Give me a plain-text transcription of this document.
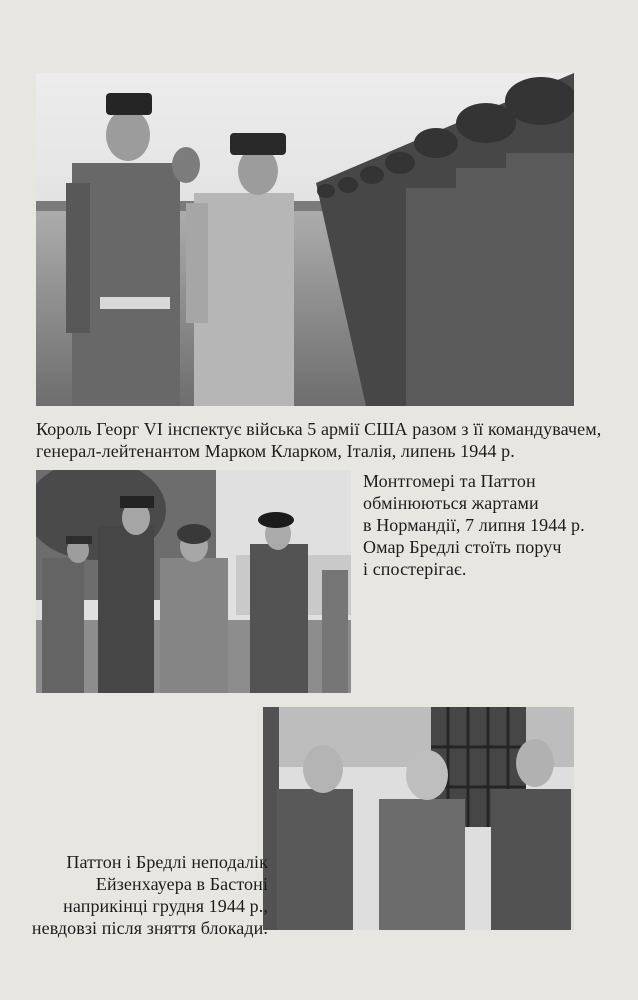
Король Георг VI інспектує війська 5 армії США разом з її командувачем,
генерал-лейтенантом Марком Кларком, Італія, липень 1944 р.
Монтгомері та Паттон
обмінюються жартами
в Нормандії, 7 липня 1944 р.
Омар Бредлі стоїть поруч
і спостерігає.
Паттон і Бредлі неподалік
Ейзенхауера в Бастоні
наприкінці грудня 1944 р.,
невдовзі після зняття блокади.
